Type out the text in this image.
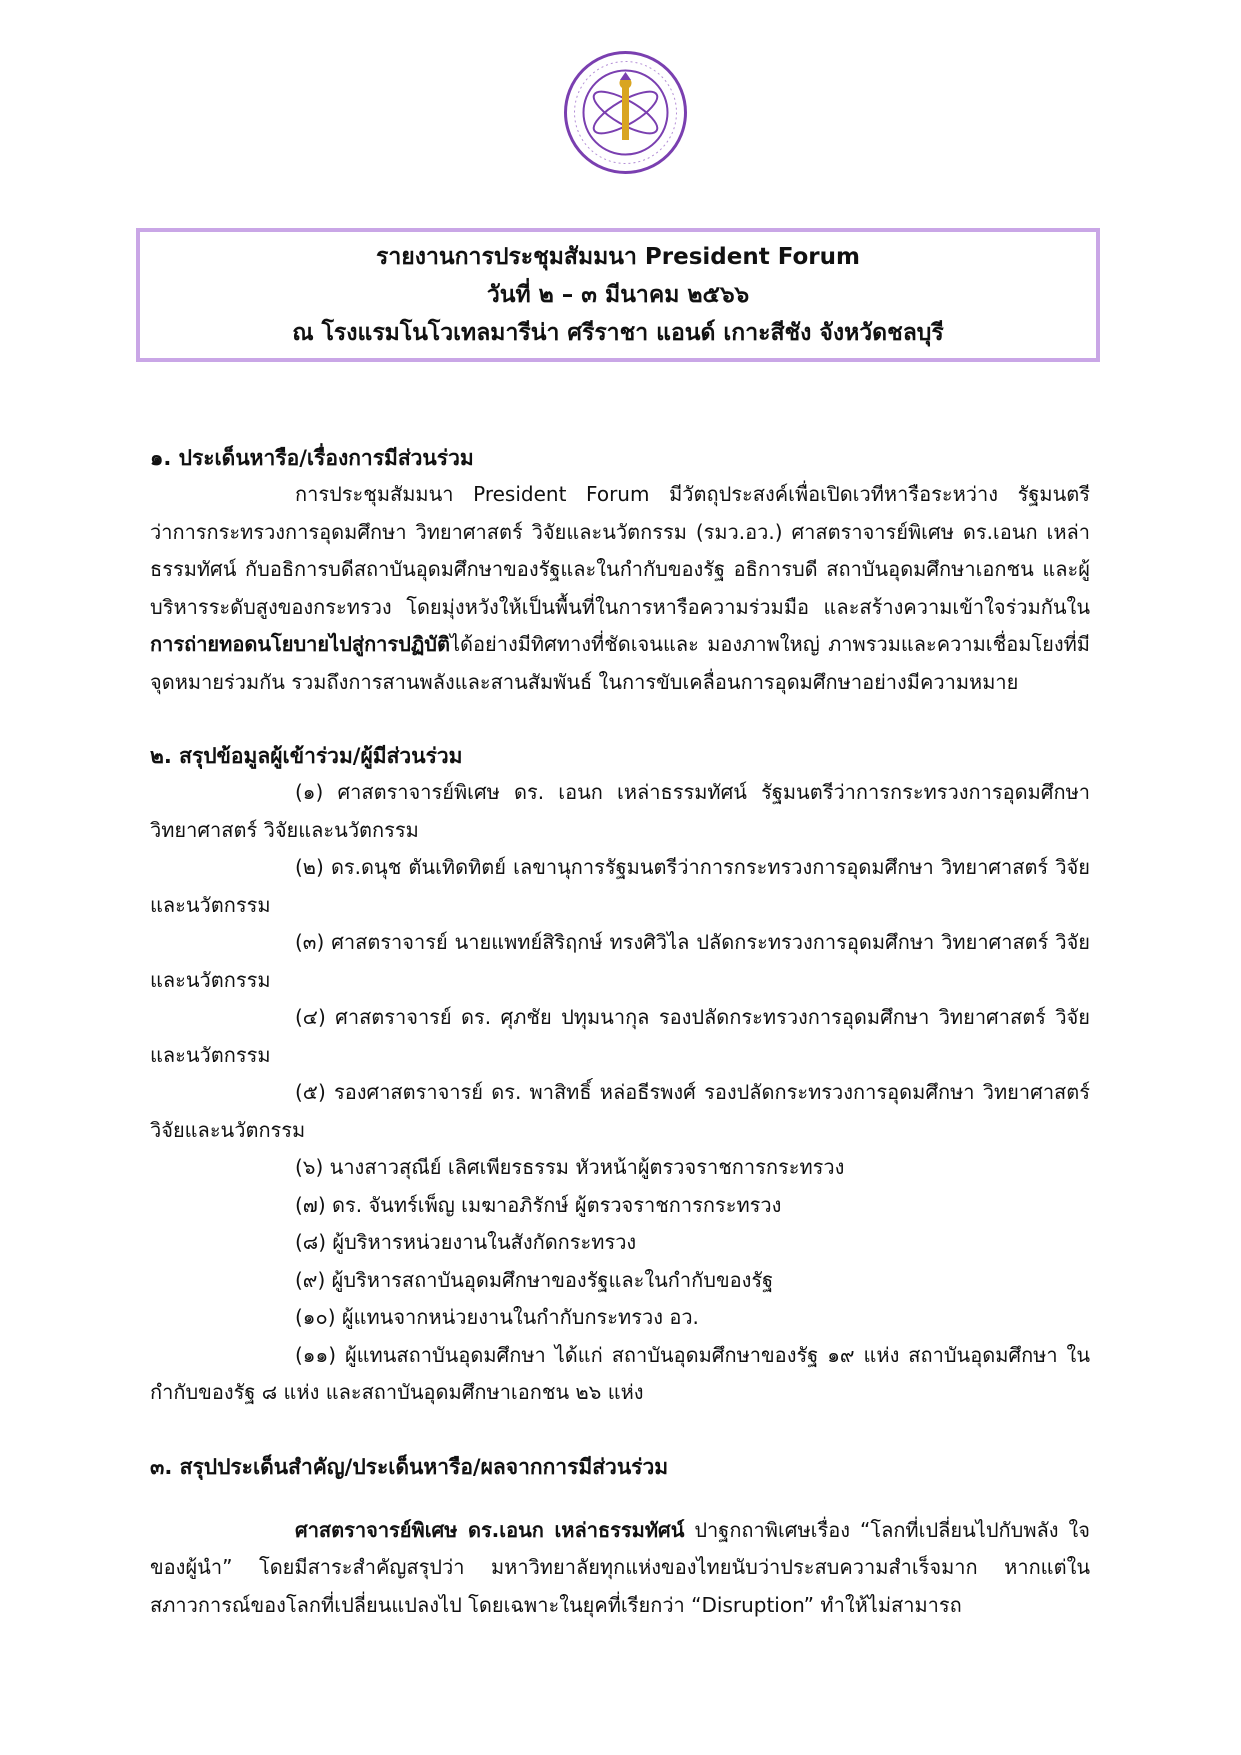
รายงานการประชุมสัมมนา President Forum
วันที่ ๒ – ๓ มีนาคม ๒๕๖๖
ณ โรงแรมโนโวเทลมารีน่า ศรีราชา แอนด์ เกาะสีชัง จังหวัดชลบุรี
๑. ประเด็นหารือ/เรื่องการมีส่วนร่วม

การประชุมสัมมนา President Forum มีวัตถุประสงค์เพื่อเปิดเวทีหารือระหว่าง รัฐมนตรีว่าการกระทรวงการอุดมศึกษา วิทยาศาสตร์ วิจัยและนวัตกรรม (รมว.อว.) ศาสตราจารย์พิเศษ ดร.เอนก เหล่าธรรมทัศน์ กับอธิการบดีสถาบันอุดมศึกษาของรัฐและในกำกับของรัฐ อธิการบดี สถาบันอุดมศึกษาเอกชน และผู้บริหารระดับสูงของกระทรวง โดยมุ่งหวังให้เป็นพื้นที่ในการหารือความร่วมมือ และสร้างความเข้าใจร่วมกันในการถ่ายทอดนโยบายไปสู่การปฏิบัติได้อย่างมีทิศทางที่ชัดเจนและ มองภาพใหญ่ ภาพรวมและความเชื่อมโยงที่มีจุดหมายร่วมกัน รวมถึงการสานพลังและสานสัมพันธ์ ในการขับเคลื่อนการอุดมศึกษาอย่างมีความหมาย

๒. สรุปข้อมูลผู้เข้าร่วม/ผู้มีส่วนร่วม

(๑) ศาสตราจารย์พิเศษ ดร. เอนก เหล่าธรรมทัศน์ รัฐมนตรีว่าการกระทรวงการอุดมศึกษา วิทยาศาสตร์ วิจัยและนวัตกรรม

(๒) ดร.ดนุช ตันเทิดทิตย์ เลขานุการรัฐมนตรีว่าการกระทรวงการอุดมศึกษา วิทยาศาสตร์ วิจัยและนวัตกรรม

(๓) ศาสตราจารย์ นายแพทย์สิริฤกษ์ ทรงศิวิไล ปลัดกระทรวงการอุดมศึกษา วิทยาศาสตร์ วิจัยและนวัตกรรม

(๔) ศาสตราจารย์ ดร. ศุภชัย ปทุมนากุล รองปลัดกระทรวงการอุดมศึกษา วิทยาศาสตร์ วิจัยและนวัตกรรม

(๕) รองศาสตราจารย์ ดร. พาสิทธิ์ หล่อธีรพงศ์ รองปลัดกระทรวงการอุดมศึกษา วิทยาศาสตร์ วิจัยและนวัตกรรม

(๖) นางสาวสุณีย์ เลิศเพียรธรรม หัวหน้าผู้ตรวจราชการกระทรวง
(๗) ดร. จันทร์เพ็ญ เมฆาอภิรักษ์ ผู้ตรวจราชการกระทรวง
(๘) ผู้บริหารหน่วยงานในสังกัดกระทรวง
(๙) ผู้บริหารสถาบันอุดมศึกษาของรัฐและในกำกับของรัฐ
(๑๐) ผู้แทนจากหน่วยงานในกำกับกระทรวง อว.

(๑๑) ผู้แทนสถาบันอุดมศึกษา ได้แก่ สถาบันอุดมศึกษาของรัฐ ๑๙ แห่ง สถาบันอุดมศึกษา ในกำกับของรัฐ ๘ แห่ง และสถาบันอุดมศึกษาเอกชน ๒๖ แห่ง

๓. สรุปประเด็นสำคัญ/ประเด็นหารือ/ผลจากการมีส่วนร่วม

ศาสตราจารย์พิเศษ ดร.เอนก เหล่าธรรมทัศน์ ปาฐกถาพิเศษเรื่อง “โลกที่เปลี่ยนไปกับพลัง ใจของผู้นำ” โดยมีสาระสำคัญสรุปว่า มหาวิทยาลัยทุกแห่งของไทยนับว่าประสบความสำเร็จมาก หากแต่ในสภาวการณ์ของโลกที่เปลี่ยนแปลงไป โดยเฉพาะในยุคที่เรียกว่า “Disruption” ทำให้ไม่สามารถ
